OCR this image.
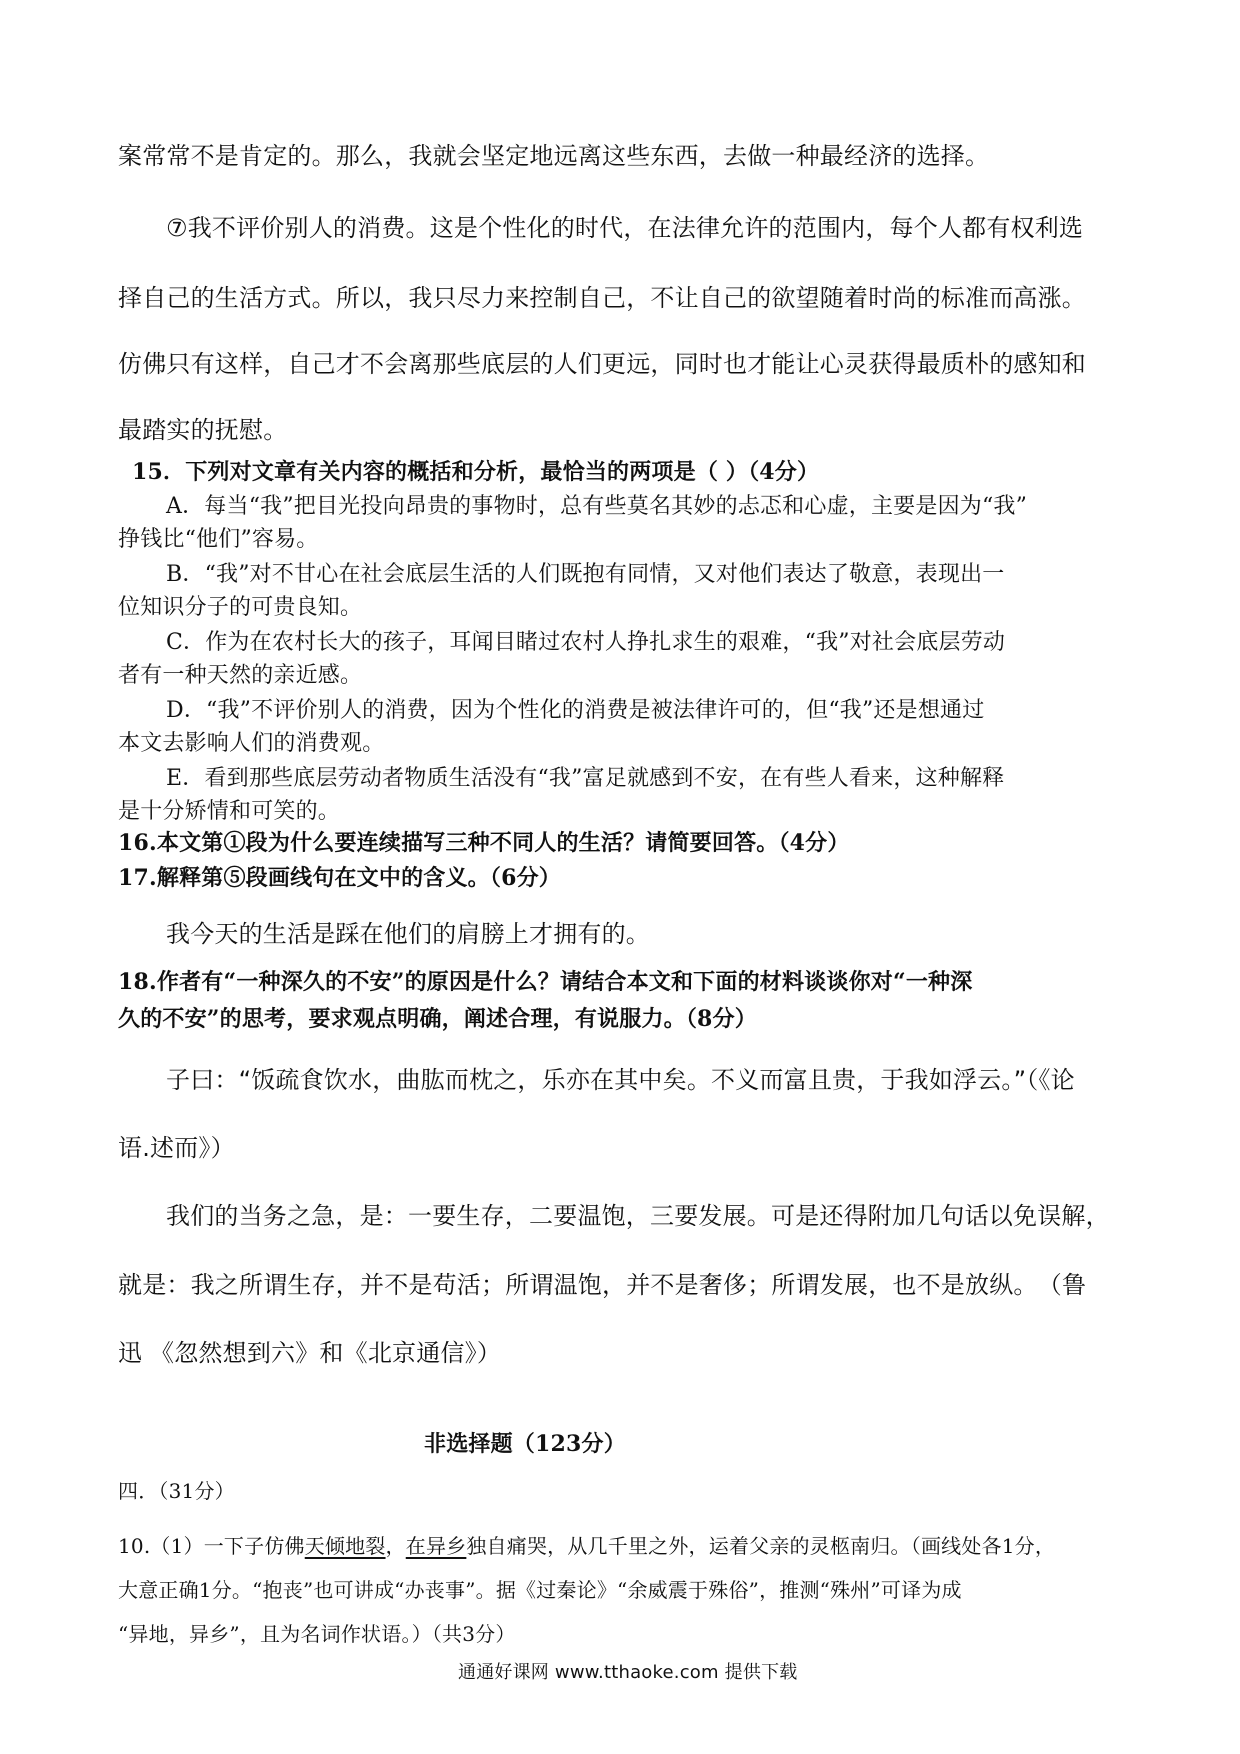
案常常不是肯定的。那么，我就会坚定地远离这些东西，去做一种最经济的选择。
⑦我不评价别人的消费。这是个性化的时代，在法律允许的范围内，每个人都有权利选
择自己的生活方式。所以，我只尽力来控制自己，不让自己的欲望随着时尚的标准而高涨。
仿佛只有这样，自己才不会离那些底层的人们更远，同时也才能让心灵获得最质朴的感知和
最踏实的抚慰。
15．下列对文章有关内容的概括和分析，最恰当的两项是（ ）（4分）
A．每当“我”把目光投向昂贵的事物时，总有些莫名其妙的忐忑和心虚，主要是因为“我”
挣钱比“他们”容易。
B．“我”对不甘心在社会底层生活的人们既抱有同情，又对他们表达了敬意，表现出一
位知识分子的可贵良知。
C．作为在农村长大的孩子，耳闻目睹过农村人挣扎求生的艰难，“我”对社会底层劳动
者有一种天然的亲近感。
D．“我”不评价别人的消费，因为个性化的消费是被法律许可的，但“我”还是想通过
本文去影响人们的消费观。
E．看到那些底层劳动者物质生活没有“我”富足就感到不安，在有些人看来，这种解释
是十分矫情和可笑的。
16.本文第①段为什么要连续描写三种不同人的生活？请简要回答。（4分）
17.解释第⑤段画线句在文中的含义。（6分）
我今天的生活是踩在他们的肩膀上才拥有的。
18.作者有“一种深久的不安”的原因是什么？请结合本文和下面的材料谈谈你对“一种深
久的不安”的思考，要求观点明确，阐述合理，有说服力。（8分）
子曰：“饭疏食饮水，曲肱而枕之，乐亦在其中矣。不义而富且贵，于我如浮云。”（《论
语.述而》）
我们的当务之急，是：一要生存，二要温饱，三要发展。可是还得附加几句话以免误解，
就是：我之所谓生存，并不是苟活；所谓温饱，并不是奢侈；所谓发展，也不是放纵。　（鲁
迅 《忽然想到六》和《北京通信》）
非选择题（123分）
四．（31分）
10.（1）一下子仿佛天倾地裂，在异乡独自痛哭，从几千里之外，运着父亲的灵柩南归。（画线处各1分，
大意正确1分。“抱丧”也可讲成“办丧事”。据《过秦论》“余威震于殊俗”，推测“殊州”可译为成
“异地，异乡”，且为名词作状语。）（共3分）
通通好课网 www.tthaoke.com 提供下载
